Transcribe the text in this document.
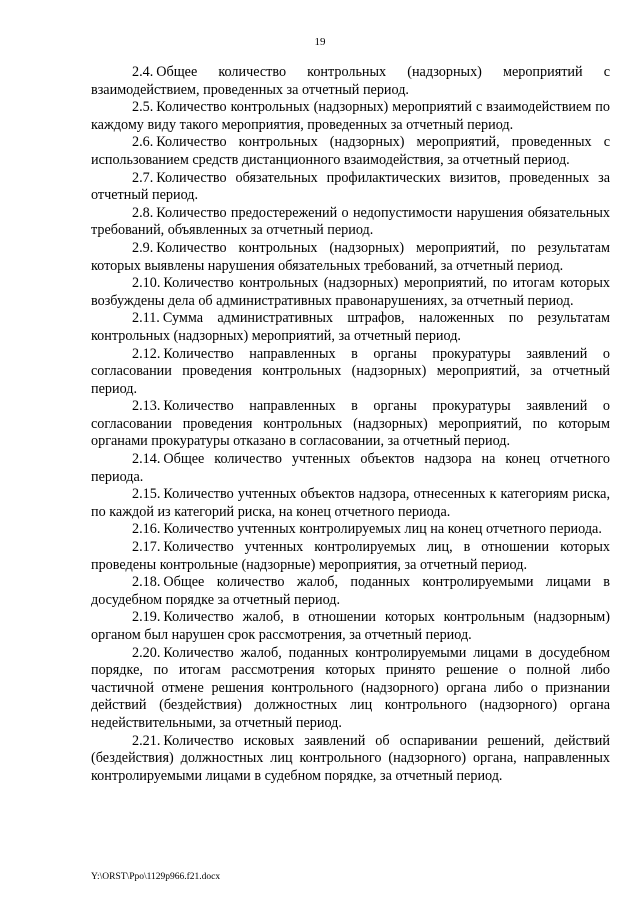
19

2.4. Общее количество контрольных (надзорных) мероприятий с взаимодействием, проведенных за отчетный период.

2.5. Количество контрольных (надзорных) мероприятий с взаимодействием по каждому виду такого мероприятия, проведенных за отчетный период.

2.6. Количество контрольных (надзорных) мероприятий, проведенных с использованием средств дистанционного взаимодействия, за отчетный период.

2.7. Количество обязательных профилактических визитов, проведенных за отчетный период.

2.8. Количество предостережений о недопустимости нарушения обязательных требований, объявленных за отчетный период.

2.9. Количество контрольных (надзорных) мероприятий, по результатам которых выявлены нарушения обязательных требований, за отчетный период.

2.10. Количество контрольных (надзорных) мероприятий, по итогам которых возбуждены дела об административных правонарушениях, за отчетный период.

2.11. Сумма административных штрафов, наложенных по результатам контрольных (надзорных) мероприятий, за отчетный период.

2.12. Количество направленных в органы прокуратуры заявлений о согласовании проведения контрольных (надзорных) мероприятий, за отчетный период.

2.13. Количество направленных в органы прокуратуры заявлений о согласовании проведения контрольных (надзорных) мероприятий, по которым органами прокуратуры отказано в согласовании, за отчетный период.

2.14. Общее количество учтенных объектов надзора на конец отчетного периода.

2.15. Количество учтенных объектов надзора, отнесенных к категориям риска, по каждой из категорий риска, на конец отчетного периода.

2.16. Количество учтенных контролируемых лиц на конец отчетного периода.

2.17. Количество учтенных контролируемых лиц, в отношении которых проведены контрольные (надзорные) мероприятия, за отчетный период.

2.18. Общее количество жалоб, поданных контролируемыми лицами в досудебном порядке за отчетный период.

2.19. Количество жалоб, в отношении которых контрольным (надзорным) органом был нарушен срок рассмотрения, за отчетный период.

2.20. Количество жалоб, поданных контролируемыми лицами в досудебном порядке, по итогам рассмотрения которых принято решение о полной либо частичной отмене решения контрольного (надзорного) органа либо о признании действий (бездействия) должностных лиц контрольного (надзорного) органа недействительными, за отчетный период.

2.21. Количество исковых заявлений об оспаривании решений, действий (бездействия) должностных лиц контрольного (надзорного) органа, направленных контролируемыми лицами в судебном порядке, за отчетный период.

Y:\ORST\Ppo\1129p966.f21.docx
